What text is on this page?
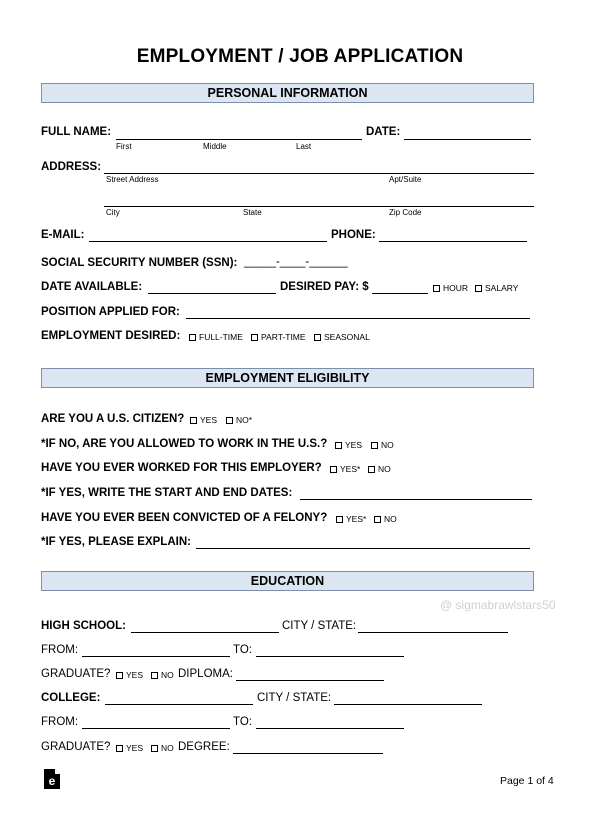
EMPLOYMENT / JOB APPLICATION
PERSONAL INFORMATION
FULL NAME:
First	Middle	Last
DATE:
ADDRESS:
Street Address	Apt/Suite
City	State	Zip Code
E-MAIL:	PHONE:
SOCIAL SECURITY NUMBER (SSN): _____-____-______
DATE AVAILABLE:	DESIRED PAY: $	HOUR SALARY
POSITION APPLIED FOR:
EMPLOYMENT DESIRED: FULL-TIME PART-TIME SEASONAL
EMPLOYMENT ELIGIBILITY
ARE YOU A U.S. CITIZEN? YES NO*
*IF NO, ARE YOU ALLOWED TO WORK IN THE U.S.? YES NO
HAVE YOU EVER WORKED FOR THIS EMPLOYER? YES* NO
*IF YES, WRITE THE START AND END DATES:
HAVE YOU EVER BEEN CONVICTED OF A FELONY? YES* NO
*IF YES, PLEASE EXPLAIN:
EDUCATION
@ sigmabrawlstars50
HIGH SCHOOL:	CITY / STATE:
FROM:	TO:
GRADUATE? YES NO DIPLOMA:
COLLEGE:	CITY / STATE:
FROM:	TO:
GRADUATE? YES NO DEGREE:
e	Page 1 of 4
